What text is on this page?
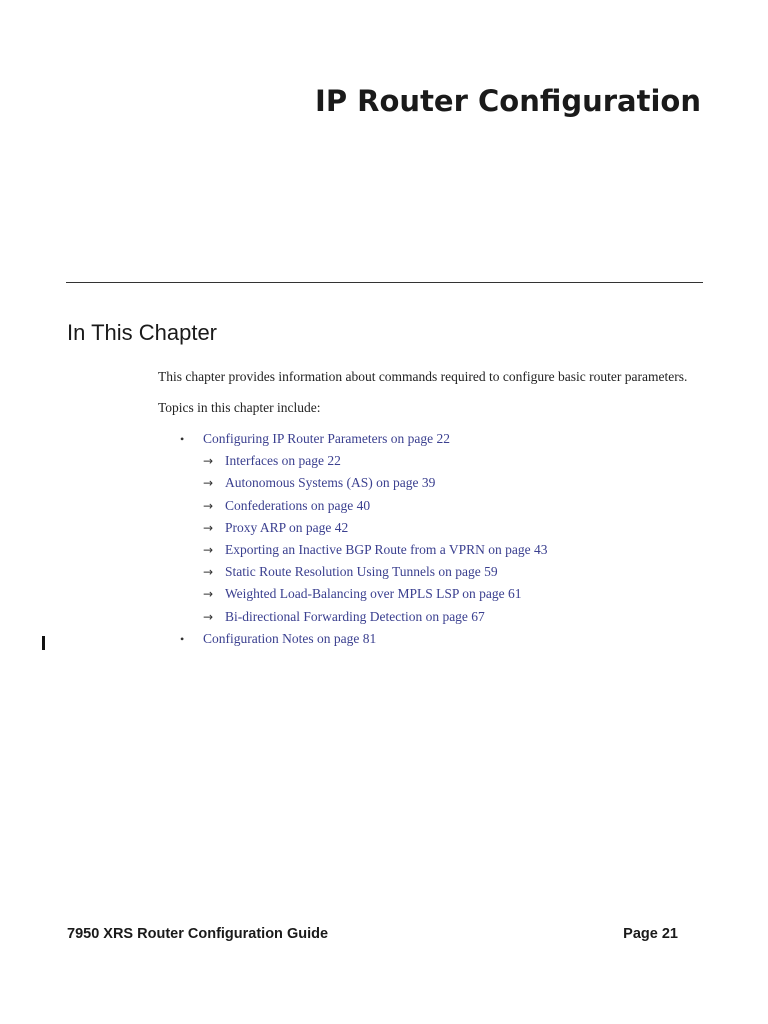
IP Router Configuration
In This Chapter

This chapter provides information about commands required to configure basic router parameters.

Topics in this chapter include:

• Configuring IP Router Parameters on page 22
→ Interfaces on page 22
→ Autonomous Systems (AS) on page 39
→ Confederations on page 40
→ Proxy ARP on page 42
→ Exporting an Inactive BGP Route from a VPRN on page 43
→ Static Route Resolution Using Tunnels on page 59
→ Weighted Load-Balancing over MPLS LSP on page 61
→ Bi-directional Forwarding Detection on page 67
• Configuration Notes on page 81

7950 XRS Router Configuration Guide	Page 21
